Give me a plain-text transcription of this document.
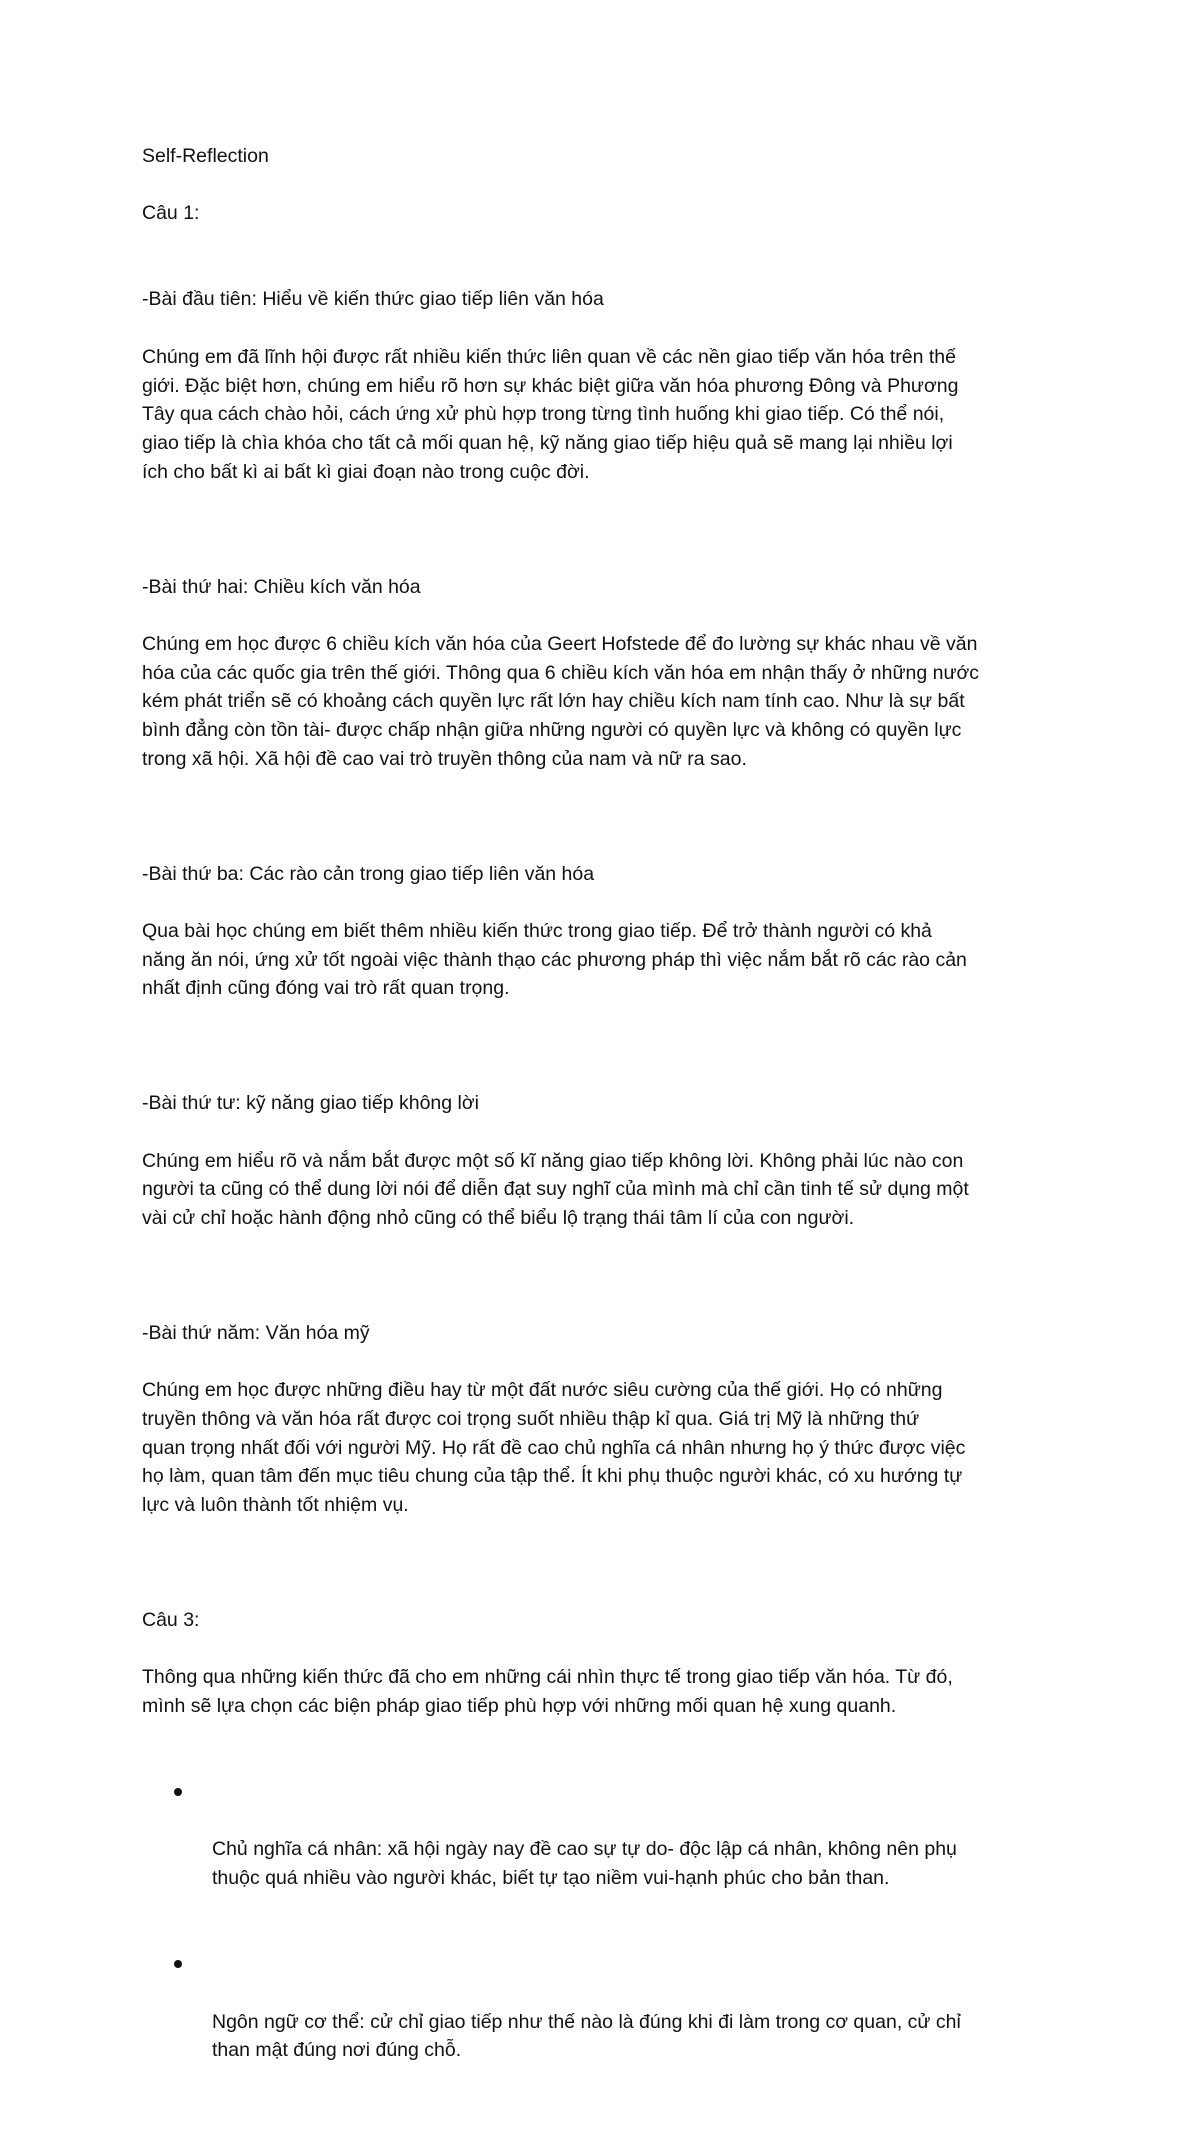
Self-Reflection

Câu 1:

-Bài đầu tiên: Hiểu về kiến thức giao tiếp liên văn hóa

Chúng em đã lĩnh hội được rất nhiều kiến thức liên quan về các nền giao tiếp văn hóa trên thế
giới. Đặc biệt hơn, chúng em hiểu rõ hơn sự khác biệt giữa văn hóa phương Đông và Phương
Tây qua cách chào hỏi, cách ứng xử phù hợp trong từng tình huống khi giao tiếp. Có thể nói,
giao tiếp là chìa khóa cho tất cả mối quan hệ, kỹ năng giao tiếp hiệu quả sẽ mang lại nhiều lợi
ích cho bất kì ai bất kì giai đoạn nào trong cuộc đời.

-Bài thứ hai: Chiều kích văn hóa

Chúng em học được 6 chiều kích văn hóa của Geert Hofstede để đo lường sự khác nhau về văn
hóa của các quốc gia trên thế giới. Thông qua 6 chiều kích văn hóa em nhận thấy ở những nước
kém phát triển sẽ có khoảng cách quyền lực rất lớn hay chiều kích nam tính cao. Như là sự bất
bình đẳng còn tồn tài- được chấp nhận giữa những người có quyền lực và không có quyền lực
trong xã hội. Xã hội đề cao vai trò truyền thông của nam và nữ ra sao.

-Bài thứ ba: Các rào cản trong giao tiếp liên văn hóa

Qua bài học chúng em biết thêm nhiều kiến thức trong giao tiếp. Để trở thành người có khả
năng ăn nói, ứng xử tốt ngoài việc thành thạo các phương pháp thì việc nắm bắt rõ các rào cản
nhất định cũng đóng vai trò rất quan trọng.

-Bài thứ tư: kỹ năng giao tiếp không lời

Chúng em hiểu rõ và nắm bắt được một số kĩ năng giao tiếp không lời. Không phải lúc nào con
người ta cũng có thể dung lời nói để diễn đạt suy nghĩ của mình mà chỉ cần tinh tế sử dụng một
vài cử chỉ hoặc hành động nhỏ cũng có thể biểu lộ trạng thái tâm lí của con người.

-Bài thứ năm: Văn hóa mỹ

Chúng em học được những điều hay từ một đất nước siêu cường của thế giới. Họ có những
truyền thông và văn hóa rất được coi trọng suốt nhiều thập kỉ qua. Giá trị Mỹ là những thứ
quan trọng nhất đối với người Mỹ. Họ rất đề cao chủ nghĩa cá nhân nhưng họ ý thức được việc
họ làm, quan tâm đến mục tiêu chung của tập thể. Ít khi phụ thuộc người khác, có xu hướng tự
lực và luôn thành tốt nhiệm vụ.

Câu 3:

Thông qua những kiến thức đã cho em những cái nhìn thực tế trong giao tiếp văn hóa. Từ đó,
mình sẽ lựa chọn các biện pháp giao tiếp phù hợp với những mối quan hệ xung quanh.

Chủ nghĩa cá nhân: xã hội ngày nay đề cao sự tự do- độc lập cá nhân, không nên phụ
thuộc quá nhiều vào người khác, biết tự tạo niềm vui-hạnh phúc cho bản than.

Ngôn ngữ cơ thể: cử chỉ giao tiếp như thế nào là đúng khi đi làm trong cơ quan, cử chỉ
than mật đúng nơi đúng chỗ.
